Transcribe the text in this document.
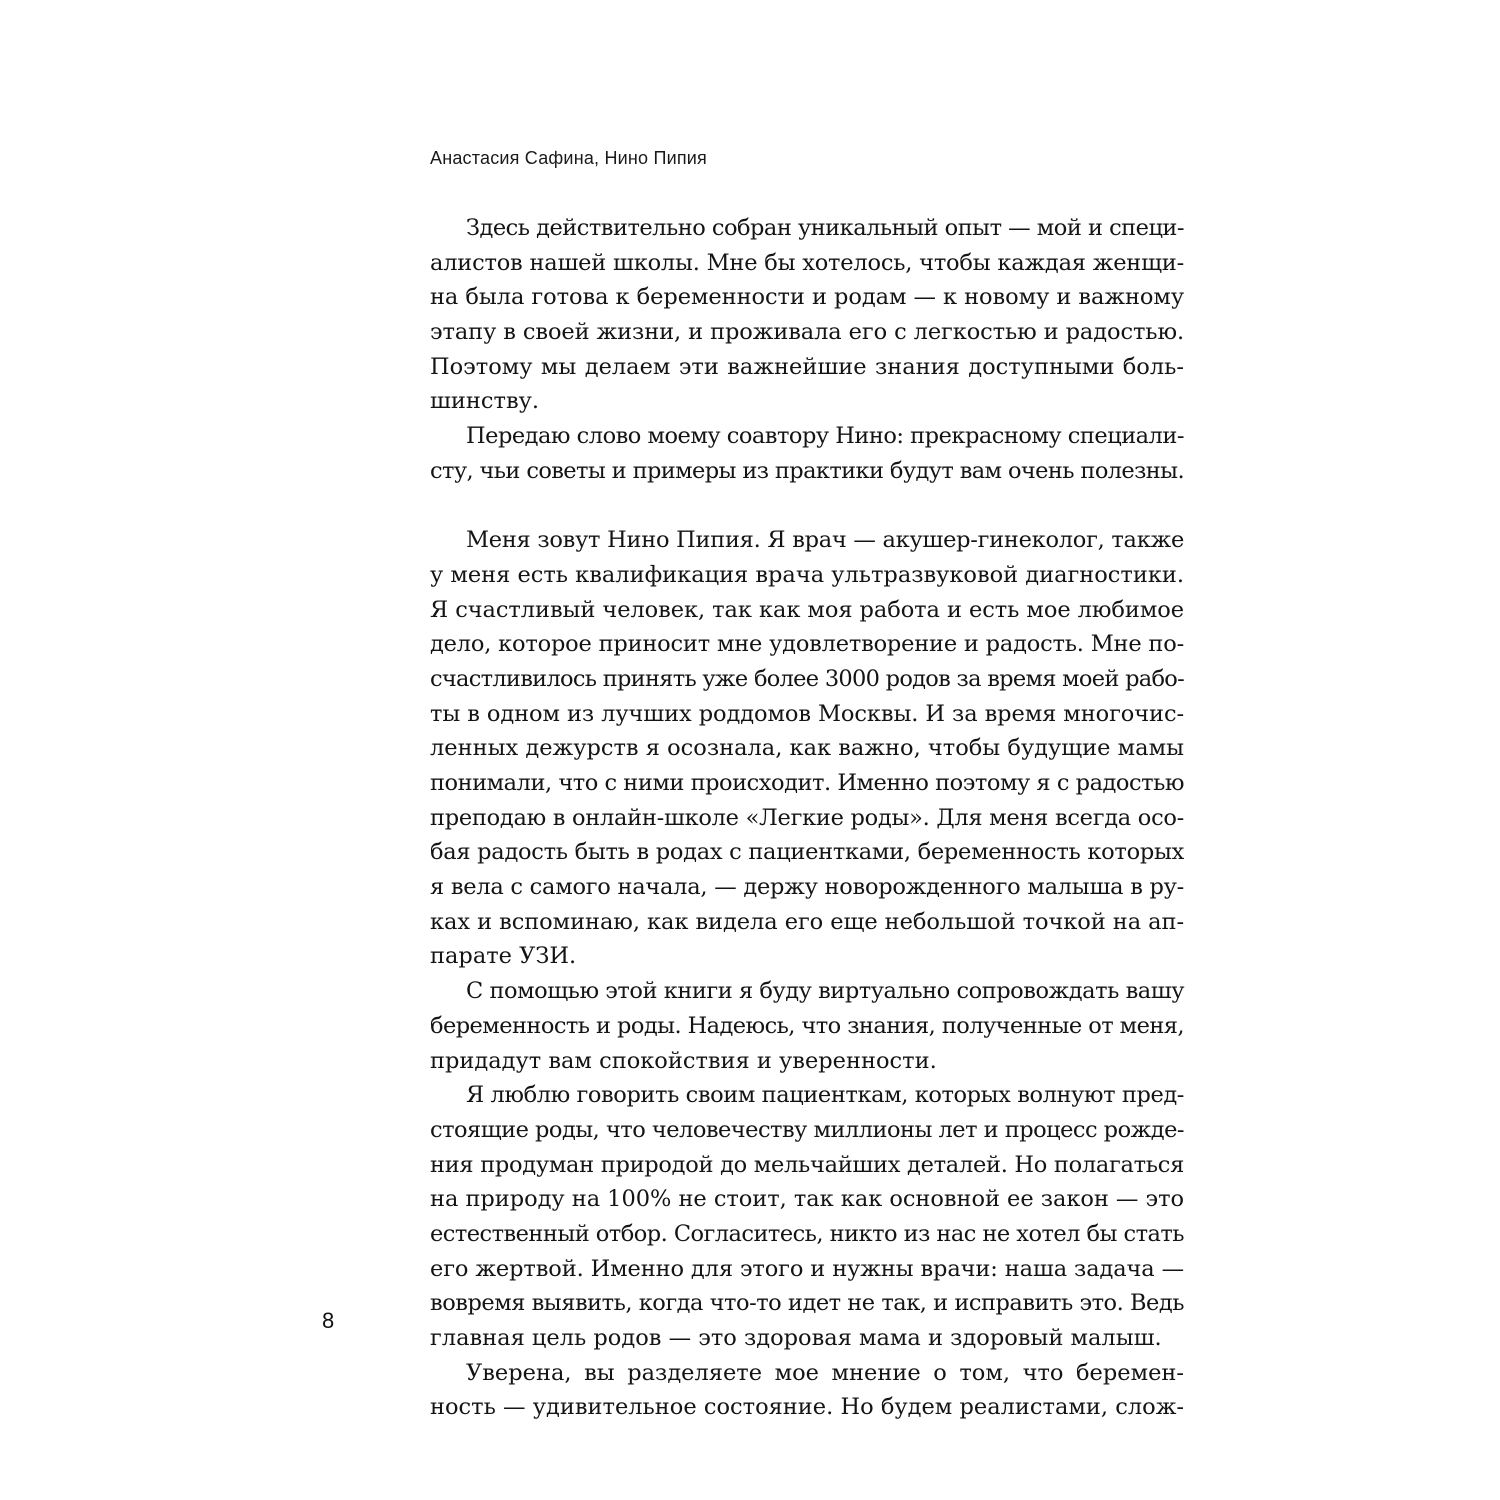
Анастасия Сафина, Нино Пипия
Здесь действительно собран уникальный опыт — мой и специ-
алистов нашей школы. Мне бы хотелось, чтобы каждая женщи-
на была готова к беременности и родам — к новому и важному
этапу в своей жизни, и проживала его с легкостью и радостью.
Поэтому мы делаем эти важнейшие знания доступными боль-
шинству.
Передаю слово моему соавтору Нино: прекрасному специали-
сту, чьи советы и примеры из практики будут вам очень полезны.
Меня зовут Нино Пипия. Я врач — акушер-гинеколог, также
у меня есть квалификация врача ультразвуковой диагностики.
Я счастливый человек, так как моя работа и есть мое любимое
дело, которое приносит мне удовлетворение и радость. Мне по-
счастливилось принять уже более 3000 родов за время моей рабо-
ты в одном из лучших роддомов Москвы. И за время многочис-
ленных дежурств я осознала, как важно, чтобы будущие мамы
понимали, что с ними происходит. Именно поэтому я с радостью
преподаю в онлайн-школе «Легкие роды». Для меня всегда осо-
бая радость быть в родах с пациентками, беременность которых
я вела с самого начала, — держу новорожденного малыша в ру-
ках и вспоминаю, как видела его еще небольшой точкой на ап-
парате УЗИ.
С помощью этой книги я буду виртуально сопровождать вашу
беременность и роды. Надеюсь, что знания, полученные от меня,
придадут вам спокойствия и уверенности.
Я люблю говорить своим пациенткам, которых волнуют пред-
стоящие роды, что человечеству миллионы лет и процесс рожде-
ния продуман природой до мельчайших деталей. Но полагаться
на природу на 100% не стоит, так как основной ее закон — это
естественный отбор. Согласитесь, никто из нас не хотел бы стать
его жертвой. Именно для этого и нужны врачи: наша задача —
вовремя выявить, когда что-то идет не так, и исправить это. Ведь
главная цель родов — это здоровая мама и здоровый малыш.
Уверена, вы разделяете мое мнение о том, что беремен-
ность — удивительное состояние. Но будем реалистами, слож-
8
